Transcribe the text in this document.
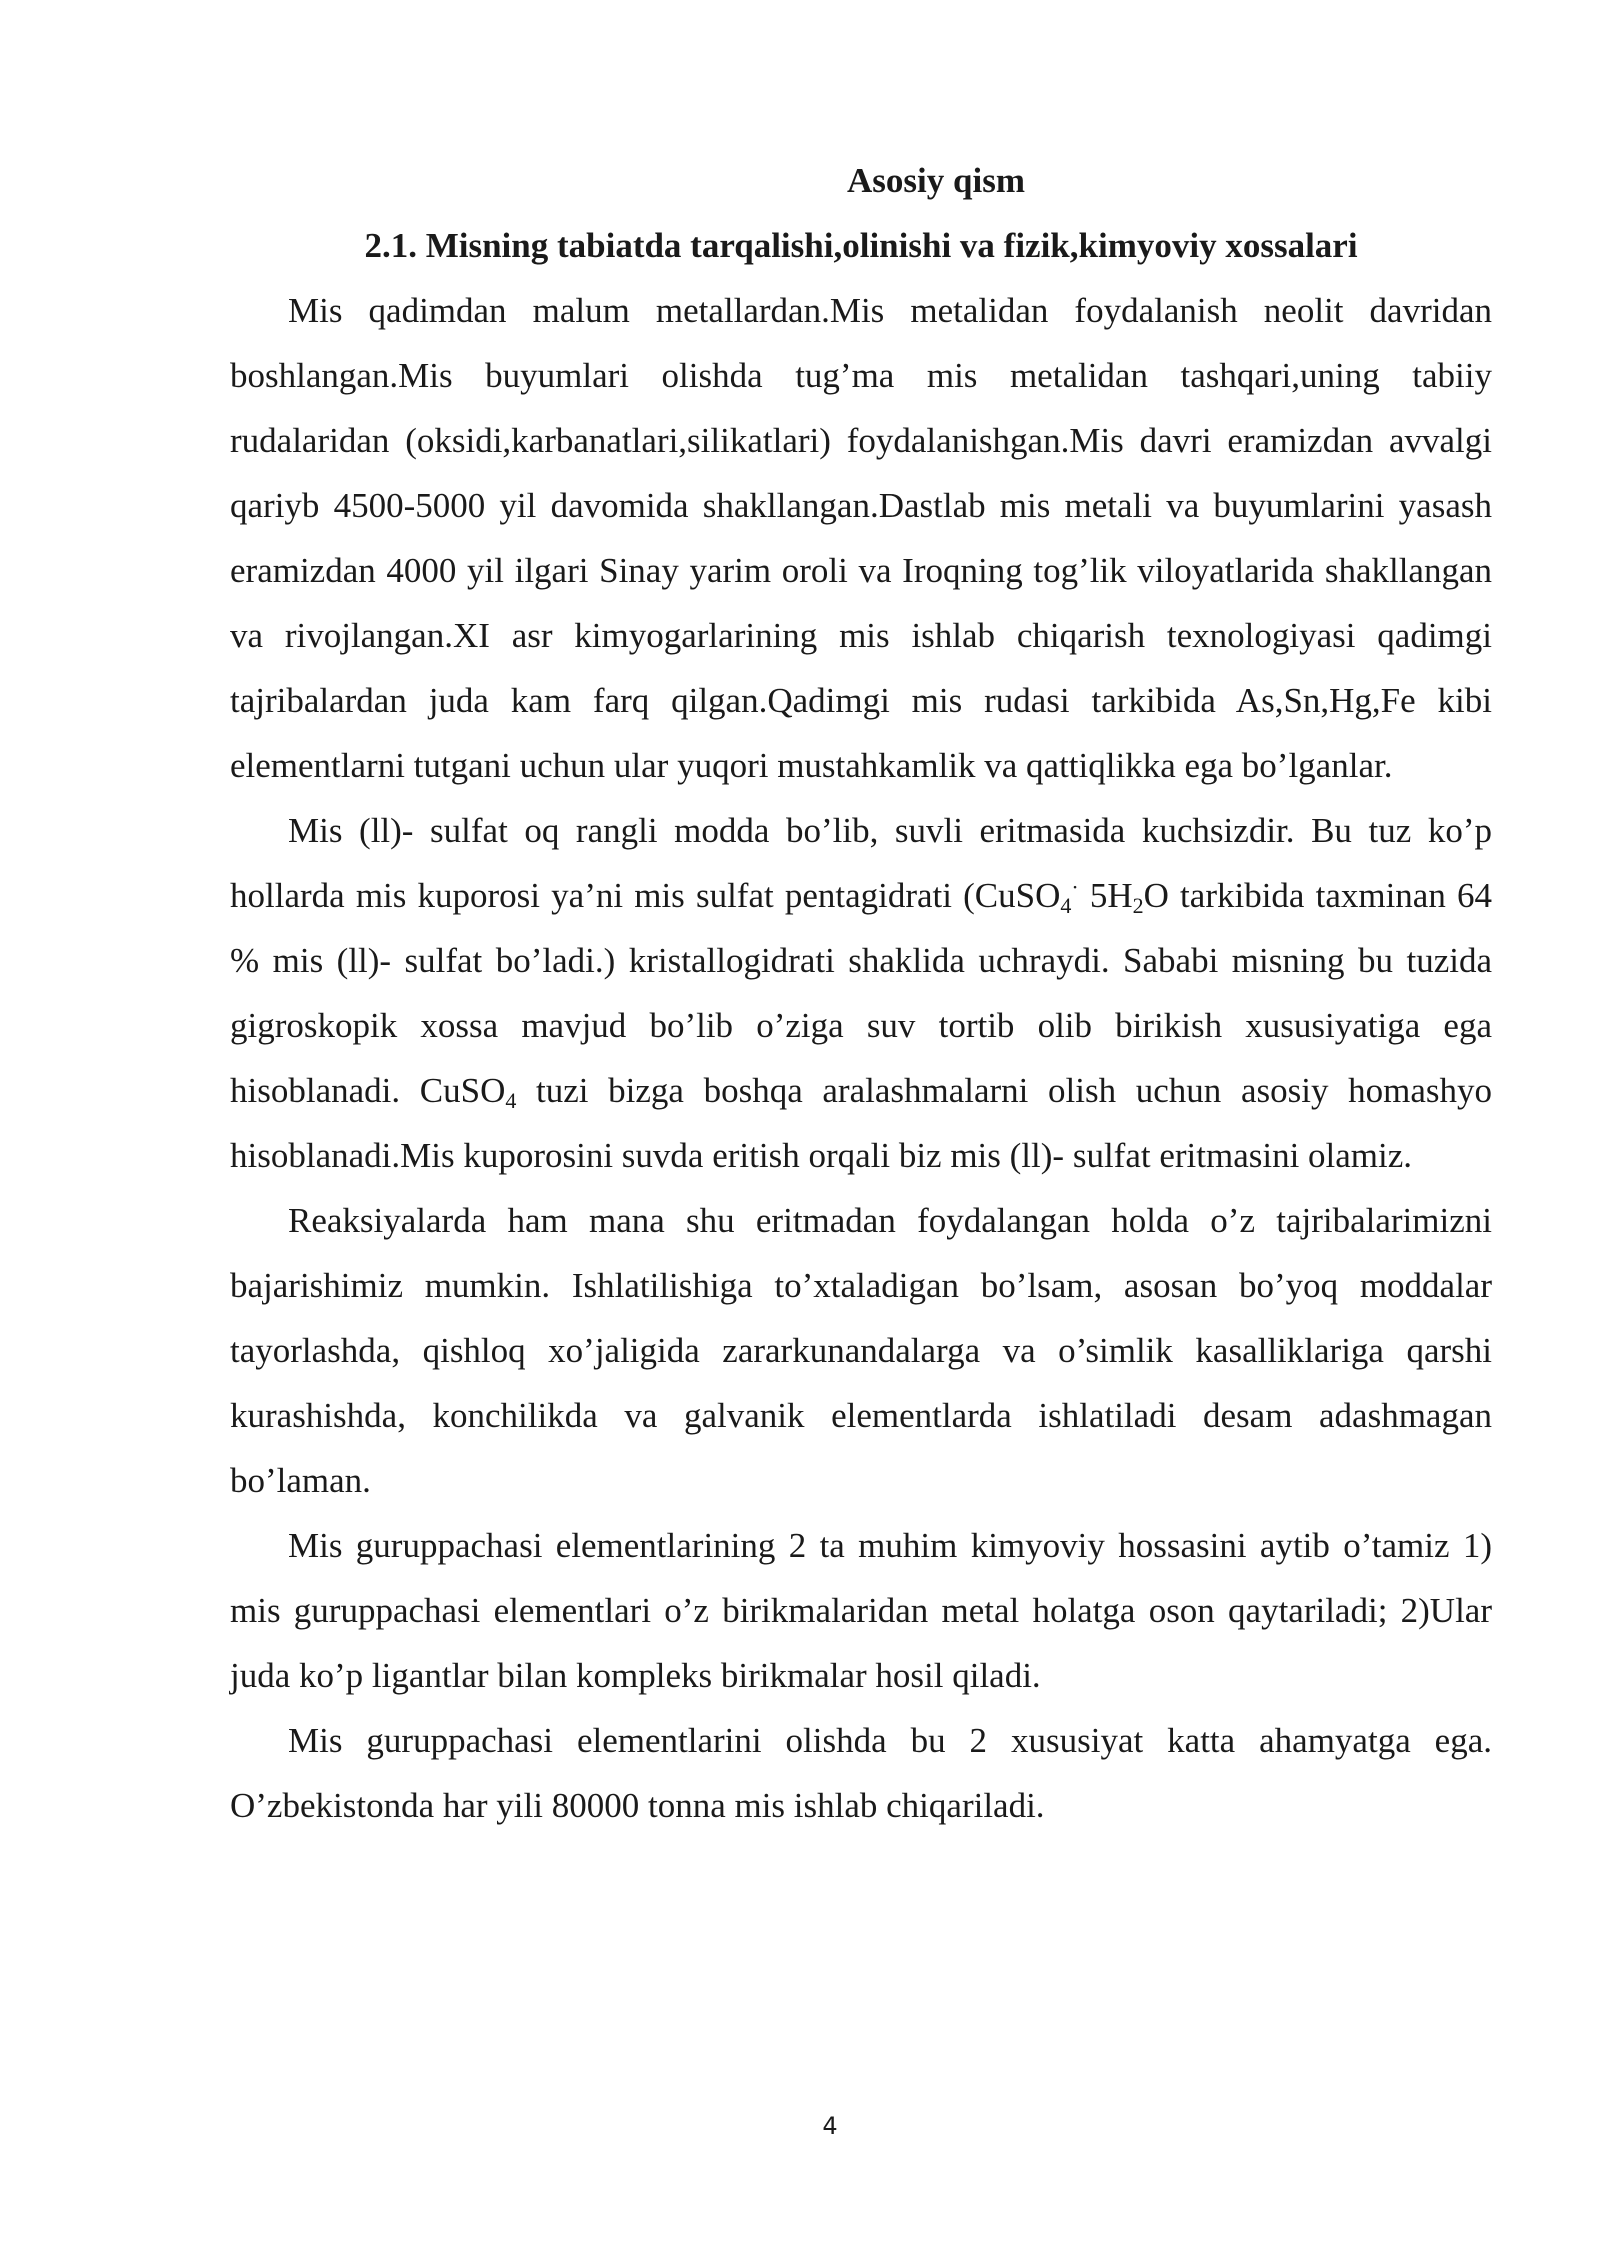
Asosiy qism
2.1. Misning tabiatda tarqalishi,olinishi va fizik,kimyoviy xossalari

Mis qadimdan malum metallardan.Mis metalidan foydalanish neolit davridan boshlangan.Mis buyumlari olishda tug’ma mis metalidan tashqari,uning tabiiy rudalaridan (oksidi,karbanatlari,silikatlari) foydalanishgan.Mis davri eramizdan avvalgi qariyb 4500-5000 yil davomida shakllangan.Dastlab mis metali va buyumlarini yasash eramizdan 4000 yil ilgari Sinay yarim oroli va Iroqning tog’lik viloyatlarida shakllangan va rivojlangan.XI asr kimyogarlarining mis ishlab chiqarish texnologiyasi qadimgi tajribalardan juda kam farq qilgan.Qadimgi mis rudasi tarkibida As,Sn,Hg,Fe kibi elementlarni tutgani uchun ular yuqori mustahkamlik va qattiqlikka ega bo’lganlar.

Mis (ll)- sulfat oq rangli modda bo’lib, suvli eritmasida kuchsizdir. Bu tuz ko’p hollarda mis kuporosi ya’ni mis sulfat pentagidrati (CuSO$_4$· $5H_2O$ tarkibida taxminan 64 % mis (ll)- sulfat bo’ladi.) kristallogidrati shaklida uchraydi. Sababi misning bu tuzida gigroskopik xossa mavjud bo’lib o’ziga suv tortib olib birikish xususiyatiga ega hisoblanadi. CuSO$_4$ tuzi bizga boshqa aralashmalarni olish uchun asosiy homashyo hisoblanadi.Mis kuporosini suvda eritish orqali biz mis (ll)- sulfat eritmasini olamiz.

Reaksiyalarda ham mana shu eritmadan foydalangan holda o’z tajribalarimizni bajarishimiz mumkin. Ishlatilishiga to’xtaladigan bo’lsam, asosan bo’yoq moddalar tayorlashda, qishloq xo’jaligida zararkunandalarga va o’simlik kasalliklariga qarshi kurashishda, konchilikda va galvanik elementlarda ishlatiladi desam adashmagan bo’laman.

Mis guruppachasi elementlarining 2 ta muhim kimyoviy hossasini aytib o’tamiz 1) mis guruppachasi elementlari o’z birikmalaridan metal holatga oson qaytariladi; 2)Ular juda ko’p ligantlar bilan kompleks birikmalar hosil qiladi.

Mis guruppachasi elementlarini olishda bu 2 xususiyat katta ahamyatga ega. O’zbekistonda har yili 80000 tonna mis ishlab chiqariladi.

4
